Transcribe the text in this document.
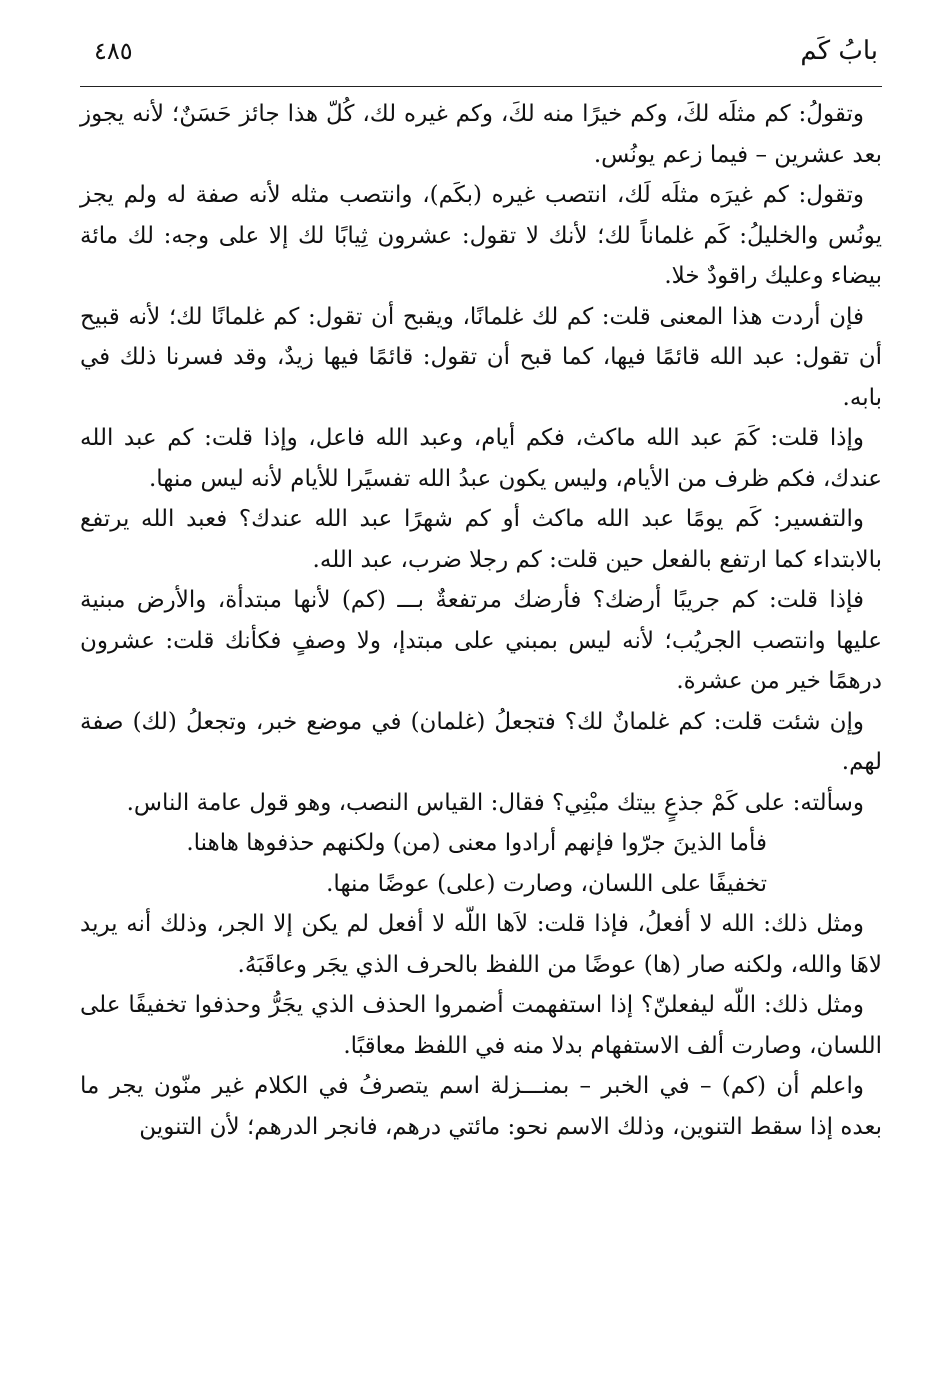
بابُ كَم
٤٨٥

وتقولُ: كم مثلَه لكَ، وكم خيرًا منه لكَ، وكم غيره لك، كُلّ هذا جائز حَسَنٌ؛ لأنه يجوز بعد عشرين – فيما زعم يونُس.

وتقول: كم غيرَه مثلَه لَك، انتصب غيره (بكَم)، وانتصب مثله لأنه صفة له ولم يجز يونُس والخليلُ: كَم غلماناً لك؛ لأنك لا تقول: عشرون ثِيابًا لك إلا على وجه: لك مائة بيضاء وعليك راقودٌ خلا.

فإن أردت هذا المعنى قلت: كم لك غلمانًا، ويقبح أن تقول: كم غلمانًا لك؛ لأنه قبيح أن تقول: عبد الله قائمًا فيها، كما قبح أن تقول: قائمًا فيها زيدٌ، وقد فسرنا ذلك في بابه.

وإذا قلت: كَمَ عبد الله ماكث، فكم أيام، وعبد الله فاعل، وإذا قلت: كم عبد الله عندك، فكم ظرف من الأيام، وليس يكون عبدُ الله تفسيًرا للأيام لأنه ليس منها.

والتفسير: كَم يومًا عبد الله ماكث أو كم شهرًا عبد الله عندك؟ فعبد الله يرتفع بالابتداء كما ارتفع بالفعل حين قلت: كم رجلا ضرب، عبد الله.

فإذا قلت: كم جريبًا أرضك؟ فأرضك مرتفعةٌ بـــ (كم) لأنها مبتدأة، والأرض مبنية عليها وانتصب الجريُب؛ لأنه ليس بمبني على مبتدإ، ولا وصفٍ فكأنك قلت: عشرون درهمًا خير من عشرة.

وإن شئت قلت: كم غلمانٌ لك؟ فتجعلُ (غلمان) في موضع خبر، وتجعلُ (لك) صفة لهم.

وسألته: على كَمْ جذعٍ بيتك مبْنِي؟ فقال: القياس النصب، وهو قول عامة الناس.

فأما الذينَ جرّوا فإنهم أرادوا معنى (من) ولكنهم حذفوها هاهنا.

تخفيفًا على اللسان، وصارت (على) عوضًا منها.

ومثل ذلك: الله لا أفعلُ، فإذا قلت: لاَها اللّه لا أفعل لم يكن إلا الجر، وذلك أنه يريد لاهَا والله، ولكنه صار (ها) عوضًا من اللفظ بالحرف الذي يجَر وعاقَبَهُ.

ومثل ذلك: اللّه ليفعلنّ؟ إذا استفهمت أضمروا الحذف الذي يجَرُّ وحذفوا تخفيفًا على اللسان، وصارت ألف الاستفهام بدلا منه في اللفظ معاقبًا.

واعلم أن (كم) – في الخبر – بمنـــزلة اسم يتصرفُ في الكلام غير منّون يجر ما بعده إذا سقط التنوين، وذلك الاسم نحو: مائتي درهم، فانجر الدرهم؛ لأن التنوين
